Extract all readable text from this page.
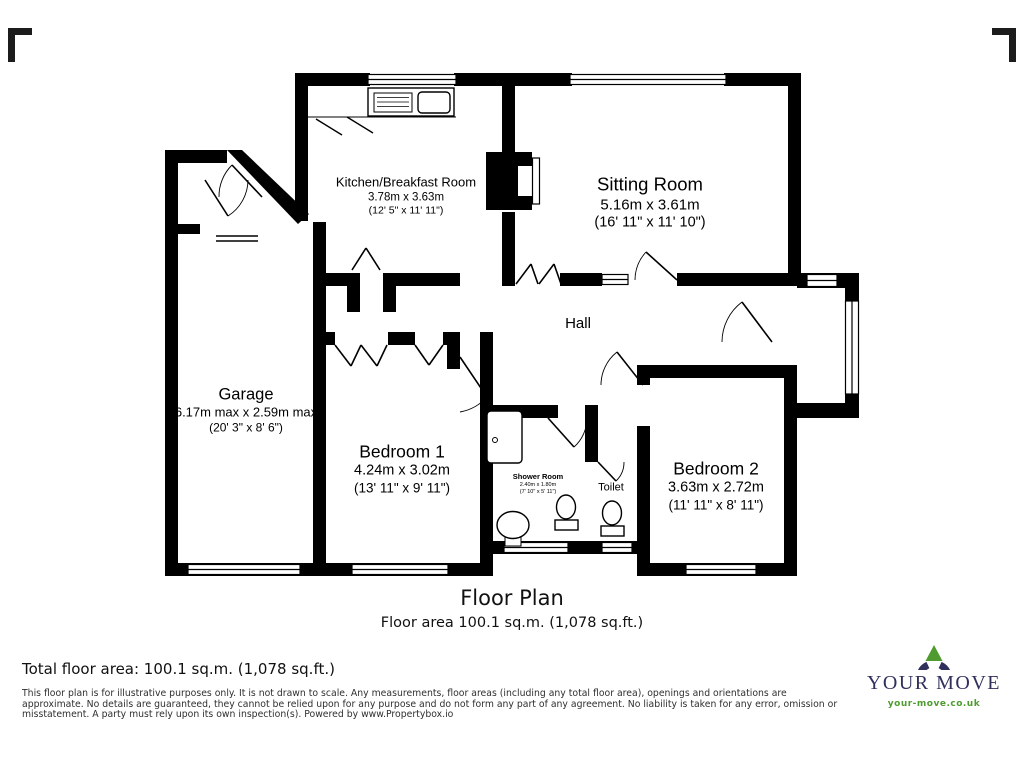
Kitchen/Breakfast Room
3.78m x 3.63m
(12' 5" x 11' 11")
Sitting Room
5.16m x 3.61m
(16' 11" x 11' 10")
Garage
6.17m max x 2.59m max
(20' 3" x 8' 6")
Bedroom 1
4.24m x 3.02m
(13' 11" x 9' 11")
Bedroom 2
3.63m x 2.72m
(11' 11" x 8' 11")
Shower Room
2.40m x 1.80m
(7' 10" x 5' 11")
Hall
Toilet
Floor Plan
Floor area 100.1 sq.m. (1,078 sq.ft.)
Total floor area: 100.1 sq.m. (1,078 sq.ft.)
This floor plan is for illustrative purposes only. It is not drawn to scale. Any measurements, floor areas (including any total floor area), openings and orientations are approximate. No details are guaranteed, they cannot be relied upon for any purpose and do not form any part of any agreement. No liability is taken for any error, omission or misstatement. A party must rely upon its own inspection(s). Powered by www.Propertybox.io
YOUR MOVE
your-move.co.uk
